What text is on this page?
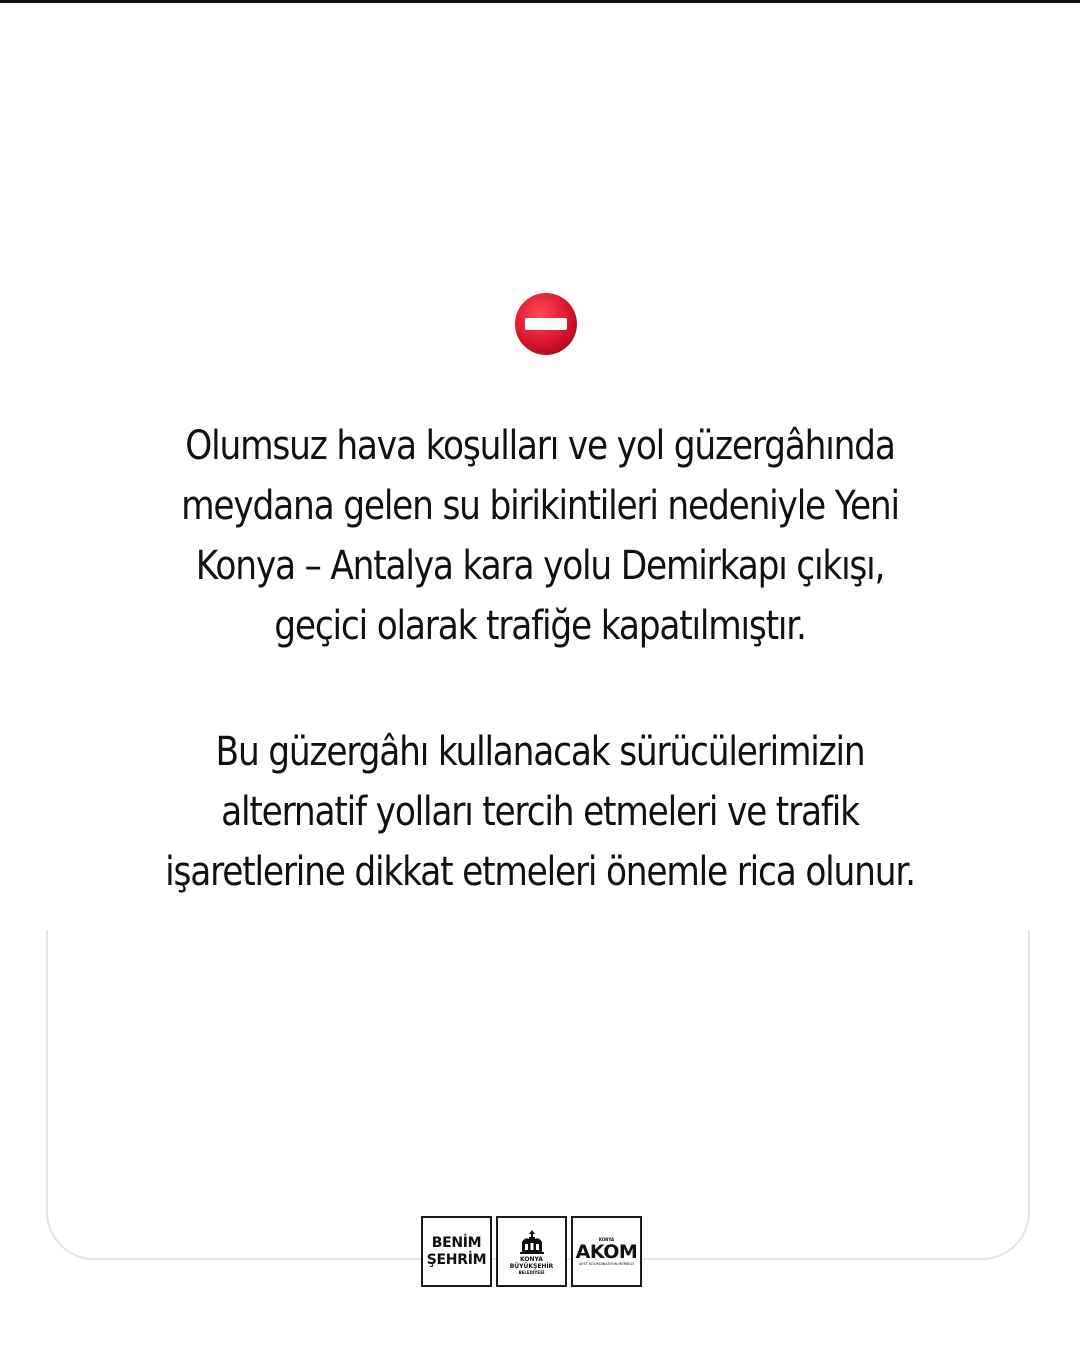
Olumsuz hava koşulları ve yol güzergâhında
meydana gelen su birikintileri nedeniyle Yeni
Konya – Antalya kara yolu Demirkapı çıkışı,
geçici olarak trafiğe kapatılmıştır.
Bu güzergâhı kullanacak sürücülerimizin
alternatif yolları tercih etmeleri ve trafik
işaretlerine dikkat etmeleri önemle rica olunur.
BENİM
ŞEHRİM	KONYA
BÜYÜKŞEHİR
BELEDİYESİ
KONYA
AKOM
AFET KOORDİNASYON MERKEZİ
